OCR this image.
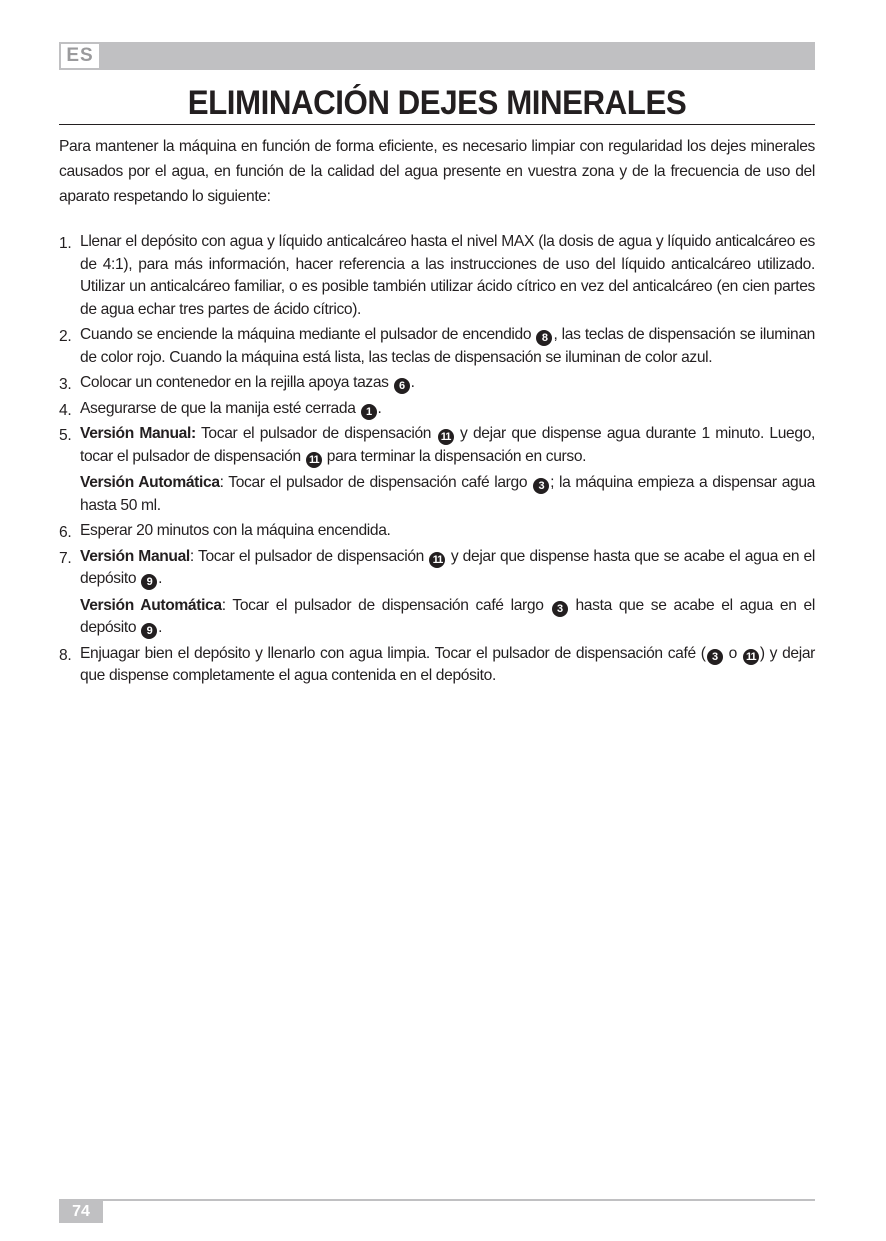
ES
ELIMINACIÓN DEJES MINERALES

Para mantener la máquina en función de forma eficiente, es necesario limpiar con regularidad los dejes minerales causados por el agua, en función de la calidad del agua presente en vuestra zona y de la frecuencia de uso del aparato respetando lo siguiente:

1. Llenar el depósito con agua y líquido anticalcáreo hasta el nivel MAX (la dosis de agua y líquido anticalcáreo es de 4:1), para más información, hacer referencia a las instrucciones de uso del líquido anticalcáreo utilizado. Utilizar un anticalcáreo familiar, o es posible también utilizar ácido cítrico en vez del anticalcáreo (en cien partes de agua echar tres partes de ácido cítrico).

2. Cuando se enciende la máquina mediante el pulsador de encendido 8 , las teclas de dispensación se iluminan de color rojo. Cuando la máquina está lista, las teclas de dispensación se iluminan de color azul.

3. Colocar un contenedor en la rejilla apoya tazas 6 .

4. Asegurarse de que la manija esté cerrada 1 .

5. Versión Manual: Tocar el pulsador de dispensación 11 y dejar que dispense agua durante 1 minuto. Luego, tocar el pulsador de dispensación 11 para terminar la dispensación en curso.

Versión Automática: Tocar el pulsador de dispensación café largo 3 ; la máquina empieza a dispensar agua hasta 50 ml.

6. Esperar 20 minutos con la máquina encendida.

7. Versión Manual: Tocar el pulsador de dispensación 11 y dejar que dispense hasta que se acabe el agua en el depósito 9 .

Versión Automática: Tocar el pulsador de dispensación café largo 3 hasta que se acabe el agua en el depósito 9 .

8. Enjuagar bien el depósito y llenarlo con agua limpia. Tocar el pulsador de dispensación café ( 3 o 11 ) y dejar que dispense completamente el agua contenida en el depósito.

74
